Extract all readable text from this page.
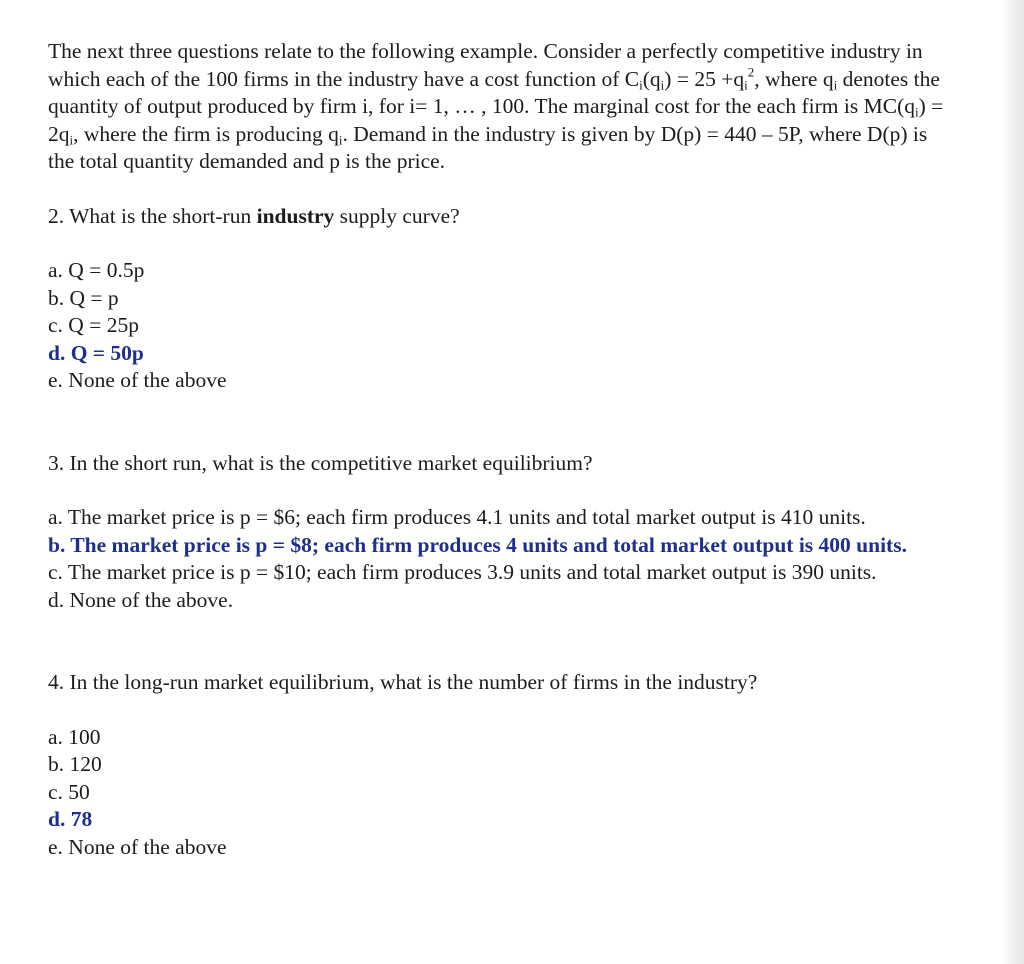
The next three questions relate to the following example. Consider a perfectly competitive industry in which each of the 100 firms in the industry have a cost function of $C_i(q_i) = 25 +q_i^2$, where $q_i$ denotes the quantity of output produced by firm i, for i= 1, … , 100. The marginal cost for the each firm is $MC(q_i) = 2q_i$, where the firm is producing $q_i$. Demand in the industry is given by D(p) = 440 – 5P, where D(p) is the total quantity demanded and p is the price.

2. What is the short-run industry supply curve?
a. Q = 0.5p
b. Q = p
c. Q = 25p
d. Q = 50p
e. None of the above
3. In the short run, what is the competitive market equilibrium?
a. The market price is p = $6; each firm produces 4.1 units and total market output is 410 units.
b. The market price is p = $8; each firm produces 4 units and total market output is 400 units.
c. The market price is p = $10; each firm produces 3.9 units and total market output is 390 units.
d. None of the above.
4. In the long-run market equilibrium, what is the number of firms in the industry?
a. 100
b. 120
c. 50
d. 78
e. None of the above
